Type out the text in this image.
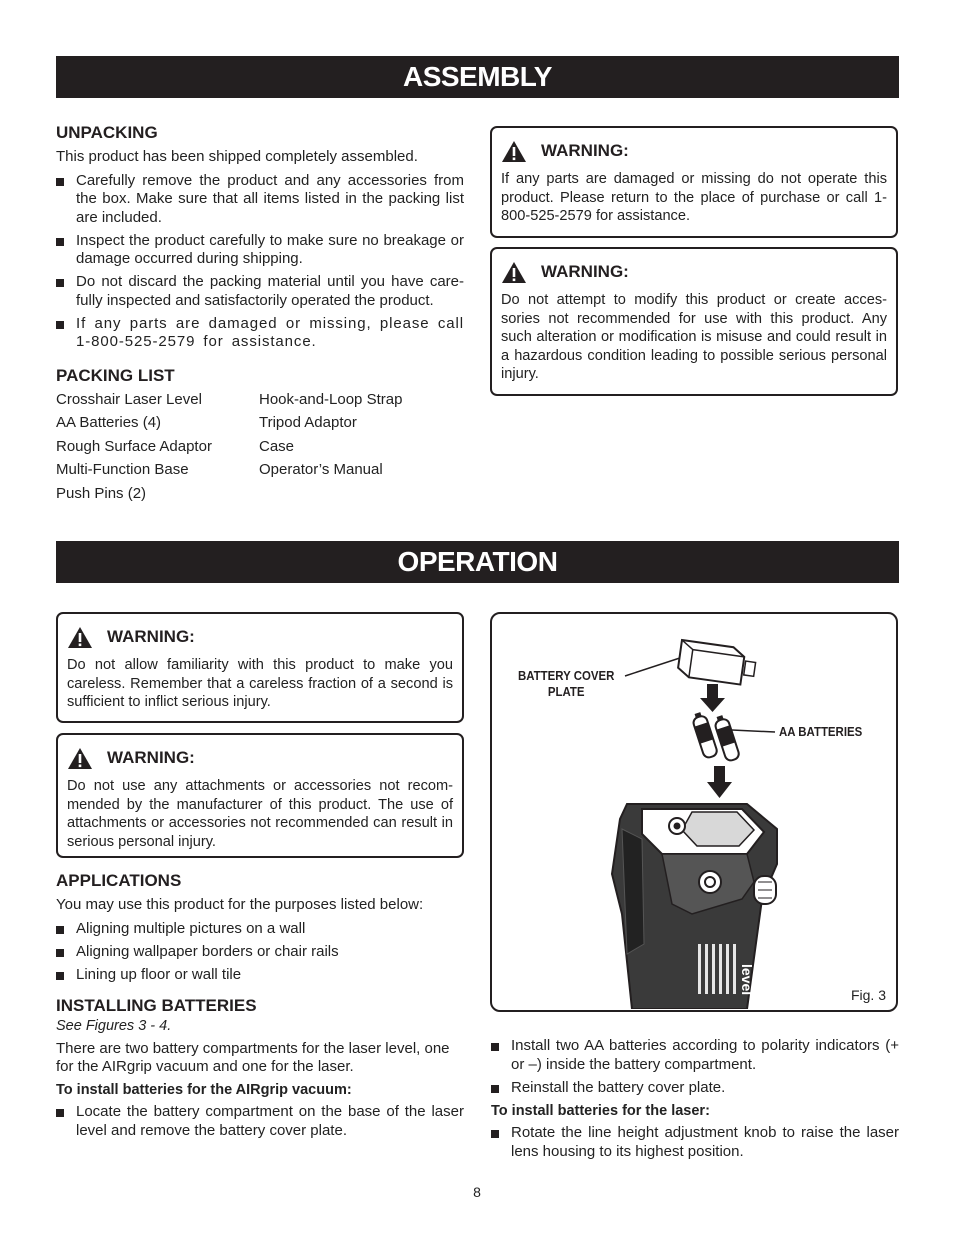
ASSEMBLY
UNPACKING

This product has been shipped completely assembled.

Carefully remove the product and any accessories from the box. Make sure that all items listed in the packing list are included.
Inspect the product carefully to make sure no breakage or damage occurred during shipping.
Do not discard the packing material until you have care-fully inspected and satisfactorily operated the product.
If any parts are damaged or missing, please call 1-800-525-2579 for assistance.
PACKING LIST
Crosshair Laser Level	Hook-and-Loop Strap
AA Batteries (4)	Tripod Adaptor
Rough Surface Adaptor	Case
Multi-Function Base	Operator’s Manual
Push Pins (2)
WARNING:

If any parts are damaged or missing do not operate this product. Please return to the place of purchase or call 1-800-525-2579 for assistance.

WARNING:

Do not attempt to modify this product or create acces-sories not recommended for use with this product. Any such alteration or modification is misuse and could result in a hazardous condition leading to possible serious personal injury.

OPERATION
WARNING:

Do not allow familiarity with this product to make you careless. Remember that a careless fraction of a second is sufficient to inflict serious injury.

WARNING:

Do not use any attachments or accessories not recom-mended by the manufacturer of this product. The use of attachments or accessories not recommended can result in serious personal injury.

APPLICATIONS

You may use this product for the purposes listed below:

Aligning multiple pictures on a wall
Aligning wallpaper borders or chair rails
Lining up floor or wall tile
INSTALLING BATTERIES

See Figures 3 - 4.

There are two battery compartments for the laser level, one for the AIRgrip vacuum and one for the laser.

To install batteries for the AIRgrip vacuum:

Locate the battery compartment on the base of the laser level and remove the battery cover plate.
level
BATTERY COVER
PLATE
AA BATTERIES
Fig. 3
Install two AA batteries according to polarity indicators (+ or –) inside the battery compartment.
Reinstall the battery cover plate.

To install batteries for the laser:

Rotate the line height adjustment knob to raise the laser lens housing to its highest position.
8
